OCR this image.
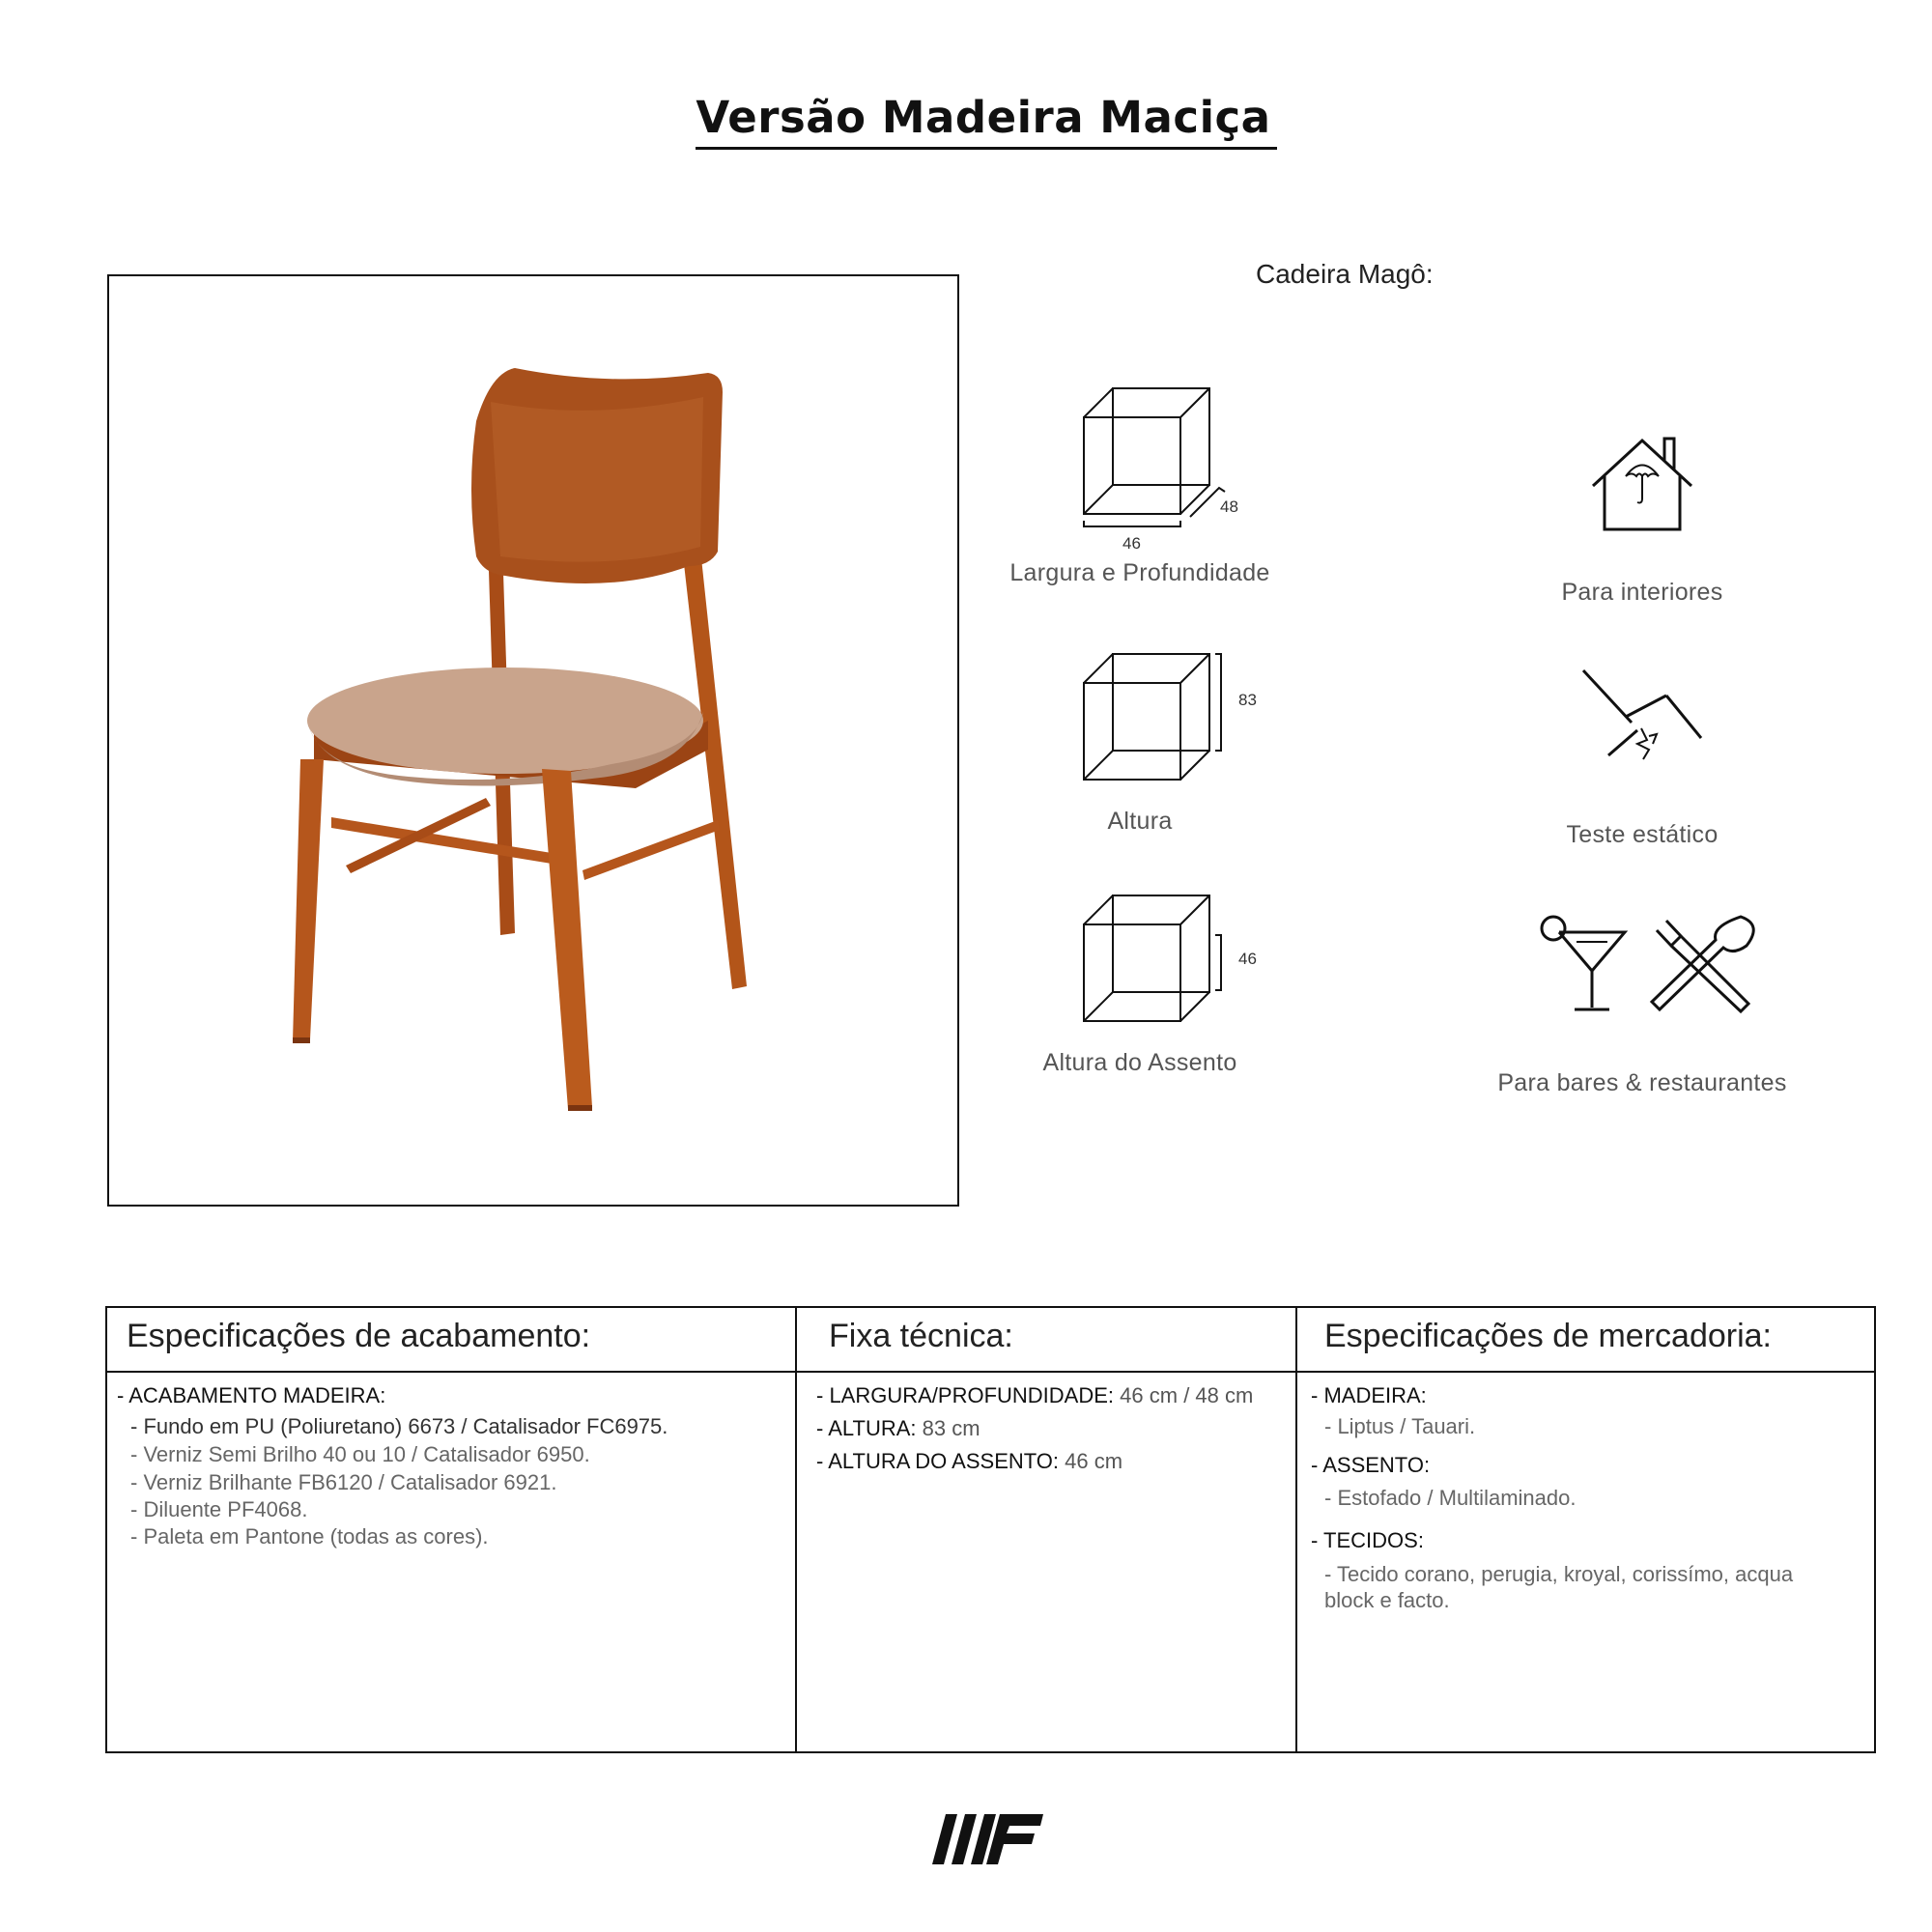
Versão Madeira Maciça
Cadeira Magô:
46
48
Largura e Profundidade
83
Altura
46
Altura do Assento
Para interiores
Teste estático
Para bares & restaurantes
Especificações de acabamento:	Fixa técnica:	Especificações de mercadoria:
- ACABAMENTO MADEIRA:
- Fundo em PU (Poliuretano) 6673 / Catalisador FC6975.
- Verniz Semi Brilho 40 ou 10 / Catalisador 6950.
- Verniz Brilhante FB6120 / Catalisador 6921.
- Diluente PF4068.
- Paleta em Pantone (todas as cores).
- LARGURA/PROFUNDIDADE: 46 cm / 48 cm
- ALTURA: 83 cm
- ALTURA DO ASSENTO: 46 cm
- MADEIRA:
- Liptus / Tauari.
- ASSENTO:
- Estofado / Multilaminado.
- TECIDOS:
- Tecido corano, perugia, kroyal, corissímo, acqua
block e facto.
